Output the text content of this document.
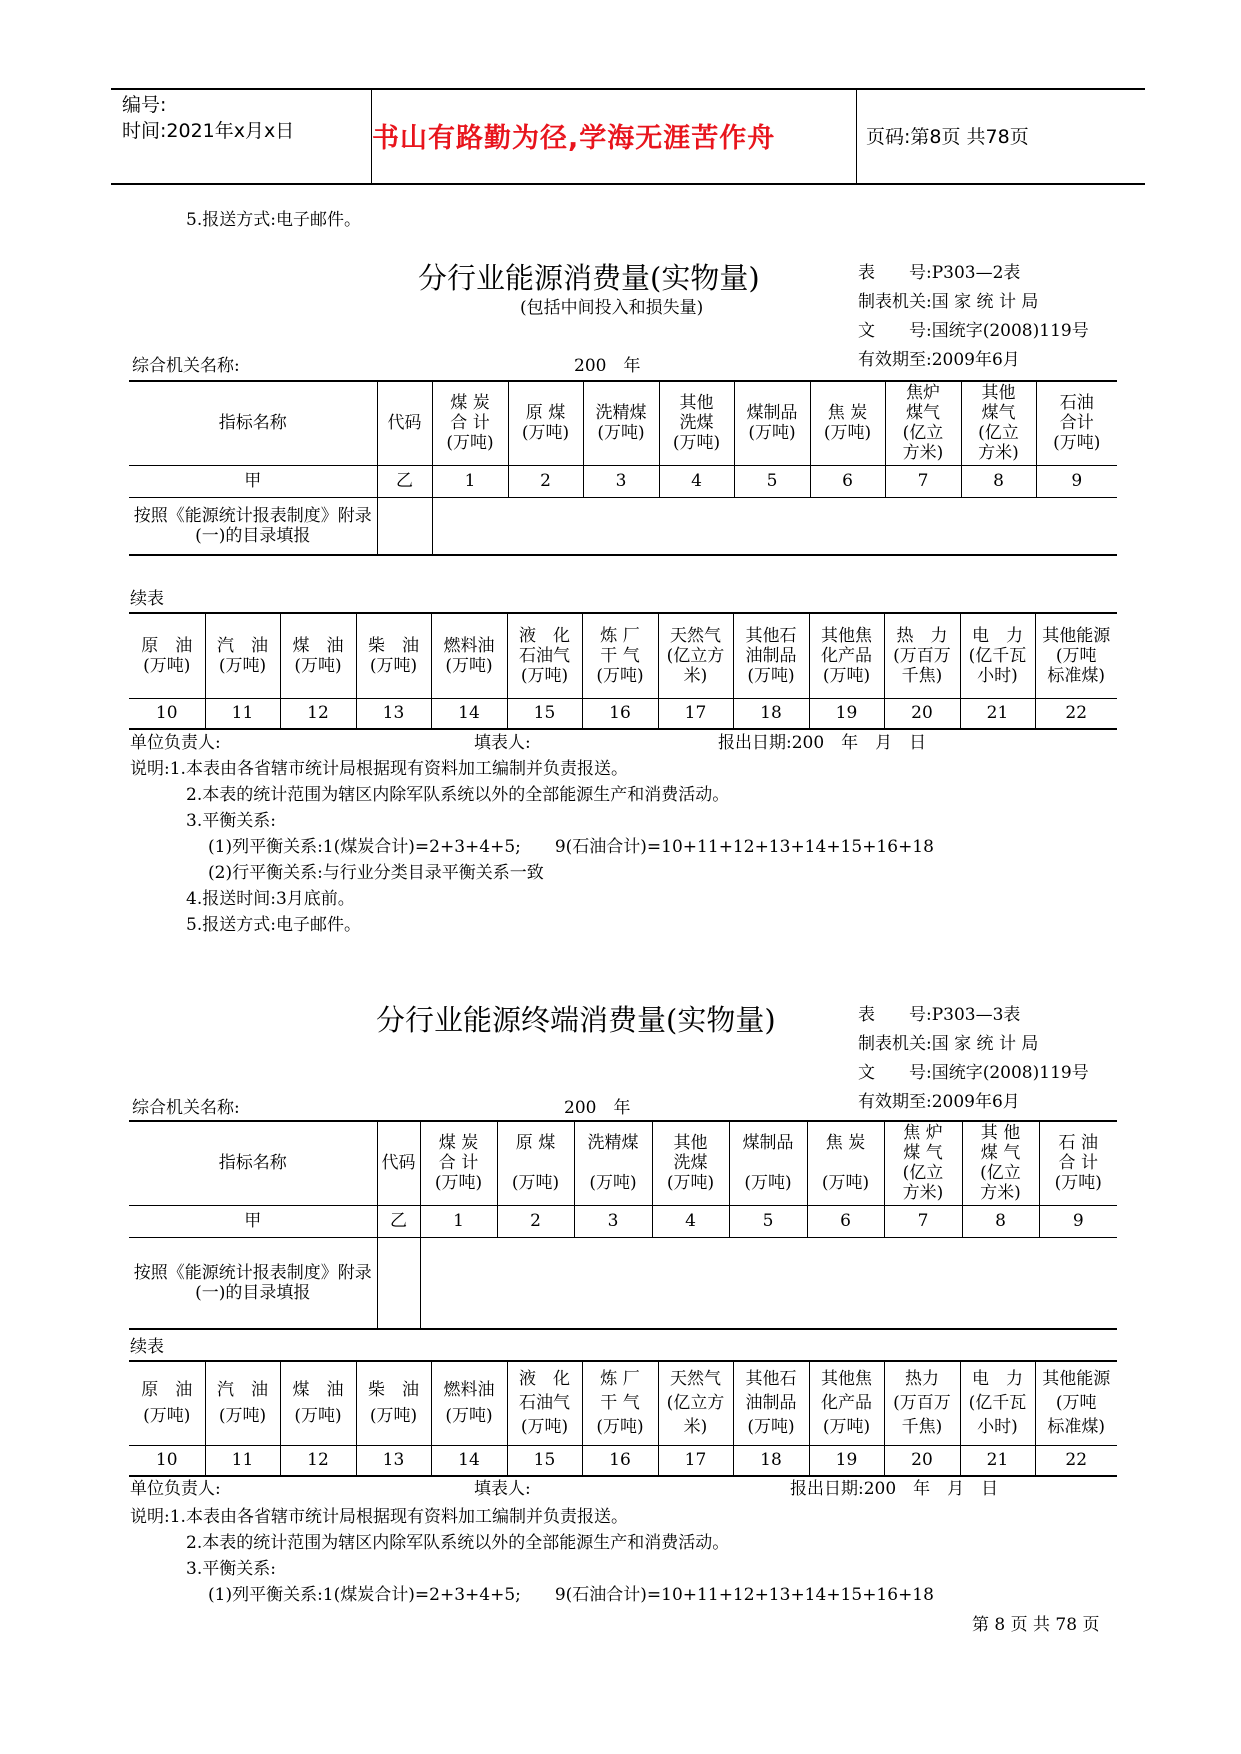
编号:
时间:2021年x月x日	书山有路勤为径,学海无涯苦作舟	页码:第8页 共78页
5.报送方式:电子邮件。
分行业能源消费量(实物量)
(包括中间投入和损失量)
表　　号:P303—2表
制表机关:国 家 统 计 局
文　　号:国统字(2008)119号
有效期至:2009年6月
综合机关名称:	200　年
指标名称	代码	煤 炭
合 计
(万吨)	原 煤
(万吨)	洗精煤
(万吨)	其他
洗煤
(万吨)	煤制品
(万吨)	焦 炭
(万吨)	焦炉
煤气
(亿立
方米)	其他
煤气
(亿立
方米)	石油
合计
(万吨)
甲	乙	1	2	3	4	5	6	7	8	9
按照《能源统计报表制度》附录(一)的目录填报										
续表
原　油
(万吨)	汽　油
(万吨)	煤　油
(万吨)	柴　油
(万吨)	燃料油
(万吨)	液　化
石油气
(万吨)	炼 厂
干 气
(万吨)	天然气
(亿立方
米)	其他石
油制品
(万吨)	其他焦
化产品
(万吨)	热　力
(万百万
千焦)	电　力
(亿千瓦
小时)	其他能源
(万吨
标准煤)
10	11	12	13	14	15	16	17	18	19	20	21	22
单位负责人:	填表人:	报出日期:200　年　月　日
说明:1.本表由各省辖市统计局根据现有资料加工编制并负责报送。
2.本表的统计范围为辖区内除军队系统以外的全部能源生产和消费活动。
3.平衡关系:
(1)列平衡关系:1(煤炭合计)=2+3+4+5;　　9(石油合计)=10+11+12+13+14+15+16+18
(2)行平衡关系:与行业分类目录平衡关系一致
4.报送时间:3月底前。
5.报送方式:电子邮件。
分行业能源终端消费量(实物量)	表　　号:P303—3表
制表机关:国 家 统 计 局
文　　号:国统字(2008)119号
有效期至:2009年6月
综合机关名称:	200　年
指标名称	代码	煤 炭
合 计
(万吨)	原 煤

(万吨)	洗精煤

(万吨)	其他
洗煤
(万吨)	煤制品

(万吨)	焦 炭

(万吨)	焦 炉
煤 气
(亿立
方米)	其 他
煤 气
(亿立
方米)	石 油
合 计
(万吨)
甲	乙	1	2	3	4	5	6	7	8	9
按照《能源统计报表制度》附录(一)的目录填报										
续表
原　油
(万吨)	汽　油
(万吨)	煤　油
(万吨)	柴　油
(万吨)	燃料油
(万吨)	液　化
石油气
(万吨)	炼 厂
干 气
(万吨)	天然气
(亿立方
米)	其他石
油制品
(万吨)	其他焦
化产品
(万吨)	热力
(万百万
千焦)	电　力
(亿千瓦
小时)	其他能源
(万吨
标准煤)
10	11	12	13	14	15	16	17	18	19	20	21	22
单位负责人:	填表人:	报出日期:200　年　月　日
说明:1.本表由各省辖市统计局根据现有资料加工编制并负责报送。
2.本表的统计范围为辖区内除军队系统以外的全部能源生产和消费活动。
3.平衡关系:
(1)列平衡关系:1(煤炭合计)=2+3+4+5;　　9(石油合计)=10+11+12+13+14+15+16+18
第 8 页 共 78 页
